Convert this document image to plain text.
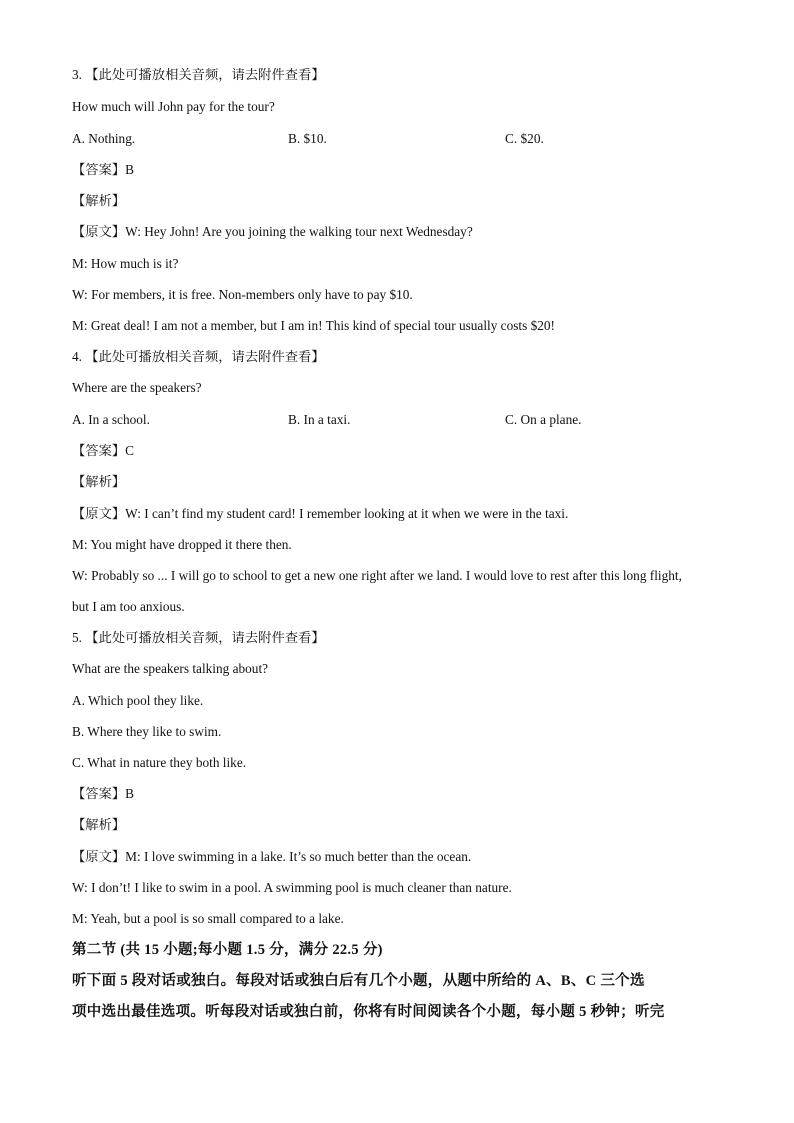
3. 【此处可播放相关音频，请去附件查看】
How much will John pay for the tour?
A. Nothing.	B. $10.	C. $20.
【答案】B
【解析】
【原文】W: Hey John! Are you joining the walking tour next Wednesday?
M: How much is it?
W: For members, it is free. Non-members only have to pay $10.
M: Great deal! I am not a member, but I am in! This kind of special tour usually costs $20!
4. 【此处可播放相关音频，请去附件查看】
Where are the speakers?
A. In a school.	B. In a taxi.	C. On a plane.
【答案】C
【解析】
【原文】W: I can’t find my student card! I remember looking at it when we were in the taxi.
M: You might have dropped it there then.
W: Probably so ... I will go to school to get a new one right after we land. I would love to rest after this long flight,
but I am too anxious.
5. 【此处可播放相关音频，请去附件查看】
What are the speakers talking about?
A. Which pool they like.
B. Where they like to swim.
C. What in nature they both like.
【答案】B
【解析】
【原文】M: I love swimming in a lake. It’s so much better than the ocean.
W: I don’t! I like to swim in a pool. A swimming pool is much cleaner than nature.
M: Yeah, but a pool is so small compared to a lake.
第二节 (共 15 小题;每小题 1.5 分，满分 22.5 分)
听下面 5 段对话或独白。每段对话或独白后有几个小题，从题中所给的 A、B、C 三个选
项中选出最佳选项。听每段对话或独白前，你将有时间阅读各个小题，每小题 5 秒钟；听完
